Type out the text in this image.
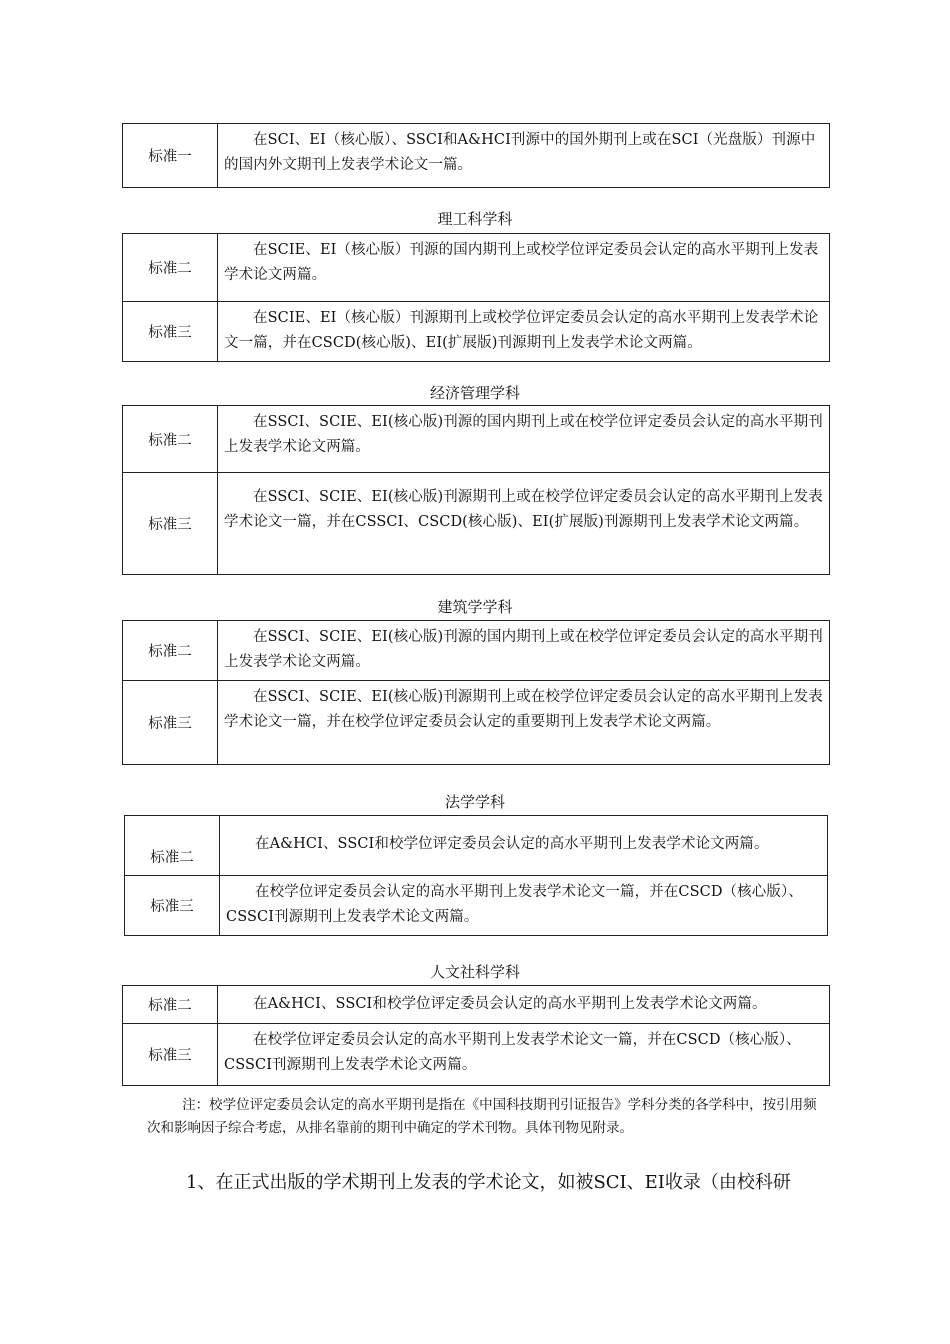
标准一	在SCI、EI（核心版）、SSCI和A&HCI刊源中的国外期刊上或在SCI（光盘版）刊源中的国内外文期刊上发表学术论文一篇。
理工科学科
标准二	在SCIE、EI（核心版）刊源的国内期刊上或校学位评定委员会认定的高水平期刊上发表学术论文两篇。
标准三	在SCIE、EI（核心版）刊源期刊上或校学位评定委员会认定的高水平期刊上发表学术论文一篇，并在CSCD(核心版)、EI(扩展版)刊源期刊上发表学术论文两篇。
经济管理学科
标准二	在SSCI、SCIE、EI(核心版)刊源的国内期刊上或在校学位评定委员会认定的高水平期刊上发表学术论文两篇。
标准三	在SSCI、SCIE、EI(核心版)刊源期刊上或在校学位评定委员会认定的高水平期刊上发表学术论文一篇，并在CSSCI、CSCD(核心版)、EI(扩展版)刊源期刊上发表学术论文两篇。
建筑学学科
标准二	在SSCI、SCIE、EI(核心版)刊源的国内期刊上或在校学位评定委员会认定的高水平期刊上发表学术论文两篇。
标准三	在SSCI、SCIE、EI(核心版)刊源期刊上或在校学位评定委员会认定的高水平期刊上发表学术论文一篇，并在校学位评定委员会认定的重要期刊上发表学术论文两篇。
法学学科
标准二	在A&HCI、SSCI和校学位评定委员会认定的高水平期刊上发表学术论文两篇。
标准三	在校学位评定委员会认定的高水平期刊上发表学术论文一篇，并在CSCD（核心版）、CSSCI刊源期刊上发表学术论文两篇。
人文社科学科
标准二	在A&HCI、SSCI和校学位评定委员会认定的高水平期刊上发表学术论文两篇。
标准三	在校学位评定委员会认定的高水平期刊上发表学术论文一篇，并在CSCD（核心版）、CSSCI刊源期刊上发表学术论文两篇。
注：校学位评定委员会认定的高水平期刊是指在《中国科技期刊引证报告》学科分类的各学科中，按引用频次和影响因子综合考虑，从排名靠前的期刊中确定的学术刊物。具体刊物见附录。
1、在正式出版的学术期刊上发表的学术论文，如被SCI、EI收录（由校科研
